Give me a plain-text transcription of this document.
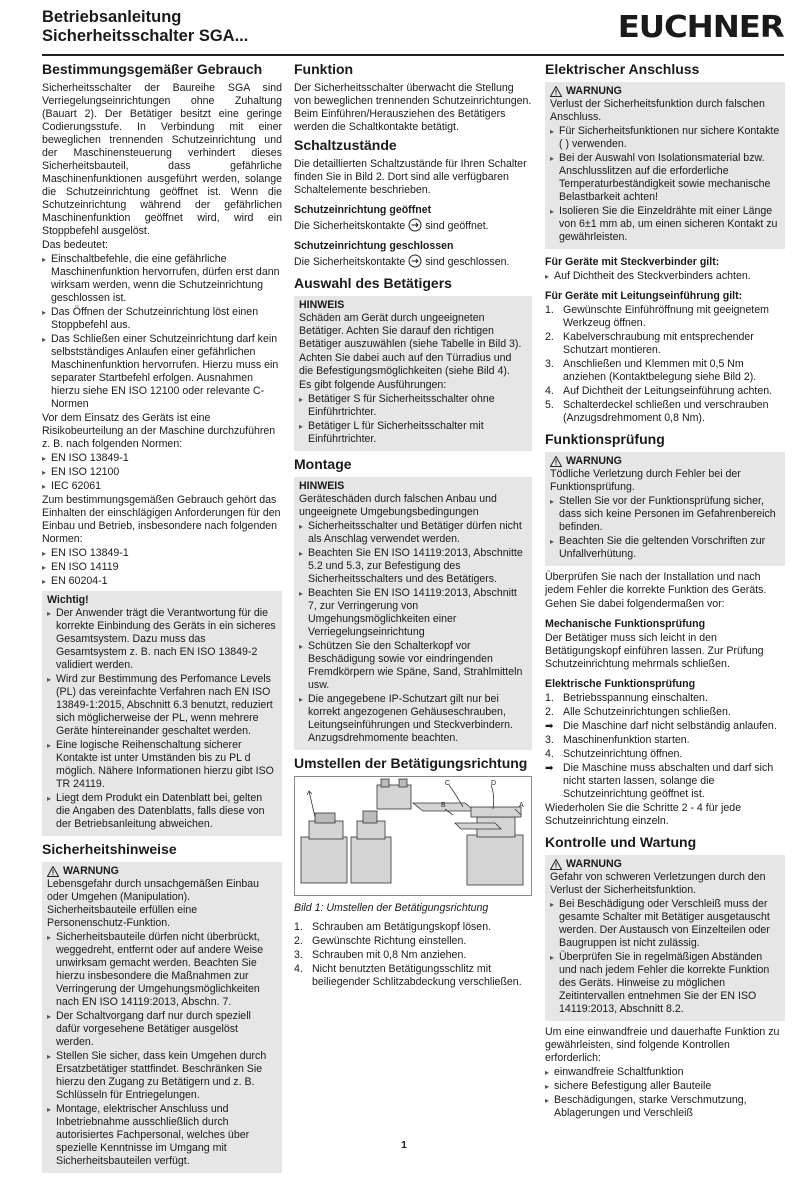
Betriebsanleitung
Sicherheitsschalter SGA...	EUCHNER
Bestimmungsgemäßer Gebrauch

Sicherheitsschalter der Baureihe SGA sind Verriegelungseinrichtungen ohne Zuhaltung (Bauart 2). Der Betätiger besitzt eine geringe Codierungsstufe. In Verbindung mit einer beweglichen trennenden Schutzeinrichtung und der Maschinensteuerung verhindert dieses Sicherheitsbauteil, dass gefährliche Maschinenfunktionen ausgeführt werden, solange die Schutzeinrichtung geöffnet ist. Wenn die Schutzeinrichtung während der gefährlichen Maschinenfunktion geöffnet wird, wird ein Stoppbefehl ausgelöst.

Das bedeutet:

▸ Einschaltbefehle, die eine gefährliche Maschinenfunktion hervorrufen, dürfen erst dann wirksam werden, wenn die Schutzeinrichtung geschlossen ist.
▸ Das Öffnen der Schutzeinrichtung löst einen Stoppbefehl aus.
▸ Das Schließen einer Schutzeinrichtung darf kein selbstständiges Anlaufen einer gefährlichen Maschinenfunktion hervorrufen. Hierzu muss ein separater Startbefehl erfolgen. Ausnahmen hierzu siehe EN ISO 12100 oder relevante C-Normen

Vor dem Einsatz des Geräts ist eine Risikobeurteilung an der Maschine durchzuführen z. B. nach folgenden Normen:

▸ EN ISO 13849-1
▸ EN ISO 12100
▸ IEC 62061

Zum bestimmungsgemäßen Gebrauch gehört das Einhalten der einschlägigen Anforderungen für den Einbau und Betrieb, insbesondere nach folgenden Normen:

▸ EN ISO 13849-1
▸ EN ISO 14119
▸ EN 60204-1
Wichtig!
▸ Der Anwender trägt die Verantwortung für die korrekte Einbindung des Geräts in ein sicheres Gesamtsystem. Dazu muss das Gesamtsystem z. B. nach EN ISO 13849-2 validiert werden.
▸ Wird zur Bestimmung des Perfomance Levels (PL) das vereinfachte Verfahren nach EN ISO 13849-1:2015, Abschnitt 6.3 benutzt, reduziert sich möglicherweise der PL, wenn mehrere Geräte hintereinander geschaltet werden.
▸ Eine logische Reihenschaltung sicherer Kontakte ist unter Umständen bis zu PL d möglich. Nähere Informationen hierzu gibt ISO TR 24119.
▸ Liegt dem Produkt ein Datenblatt bei, gelten die Angaben des Datenblatts, falls diese von der Betriebsanleitung abweichen.
Sicherheitshinweise
WARNUNG

Lebensgefahr durch unsachgemäßen Einbau oder Umgehen (Manipulation). Sicherheitsbauteile erfüllen eine Personenschutz-Funktion.

▸ Sicherheitsbauteile dürfen nicht überbrückt, weggedreht, entfernt oder auf andere Weise unwirksam gemacht werden. Beachten Sie hierzu insbesondere die Maßnahmen zur Verringerung der Umgehungsmöglichkeiten nach EN ISO 14119:2013, Abschn. 7.
▸ Der Schaltvorgang darf nur durch speziell dafür vorgesehene Betätiger ausgelöst werden.
▸ Stellen Sie sicher, dass kein Umgehen durch Ersatzbetätiger stattfindet. Beschränken Sie hierzu den Zugang zu Betätigern und z. B. Schlüsseln für Entriegelungen.
▸ Montage, elektrischer Anschluss und Inbetriebnahme ausschließlich durch autorisiertes Fachpersonal, welches über spezielle Kenntnisse im Umgang mit Sicherheitsbauteilen verfügt.
Funktion

Der Sicherheitsschalter überwacht die Stellung von beweglichen trennenden Schutzeinrichtungen. Beim Einführen/Herausziehen des Betätigers werden die Schaltkontakte betätigt.

Schaltzustände

Die detaillierten Schaltzustände für Ihren Schalter finden Sie in Bild 2. Dort sind alle verfügbaren Schaltelemente beschrieben.

Schutzeinrichtung geöffnet

Die Sicherheitskontakte sind geöffnet.

Schutzeinrichtung geschlossen

Die Sicherheitskontakte sind geschlossen.

Auswahl des Betätigers
HINWEIS

Schäden am Gerät durch ungeeigneten Betätiger. Achten Sie darauf den richtigen Betätiger auszuwählen (siehe Tabelle in Bild 3).

Achten Sie dabei auch auf den Türradius und die Befestigungsmöglichkeiten (siehe Bild 4).

Es gibt folgende Ausführungen:

▸ Betätiger S für Sicherheitsschalter ohne Einführtrichter.
▸ Betätiger L für Sicherheitsschalter mit Einführtrichter.
Montage
HINWEIS

Geräteschäden durch falschen Anbau und ungeeignete Umgebungsbedingungen

▸ Sicherheitsschalter und Betätiger dürfen nicht als Anschlag verwendet werden.
▸ Beachten Sie EN ISO 14119:2013, Abschnitte 5.2 und 5.3, zur Befestigung des Sicherheitsschalters und des Betätigers.
▸ Beachten Sie EN ISO 14119:2013, Abschnitt 7, zur Verringerung von Umgehungsmöglichkeiten einer Verriegelungseinrichtung
▸ Schützen Sie den Schalterkopf vor Beschädigung sowie vor eindringenden Fremdkörpern wie Späne, Sand, Strahlmitteln usw.
▸ Die angegebene IP-Schutzart gilt nur bei korrekt angezogenen Gehäuseschrauben, Leitungseinführungen und Steckverbindern. Anzugsdrehmomente beachten.
Umstellen der Betätigungsrichtung
C	D
B	A
Bild 1: Umstellen der Betätigungsrichtung
1. Schrauben am Betätigungskopf lösen.
2. Gewünschte Richtung einstellen.
3. Schrauben mit 0,8 Nm anziehen.
4. Nicht benutzten Betätigungsschlitz mit beiliegender Schlitzabdeckung verschließen.
Elektrischer Anschluss
WARNUNG

Verlust der Sicherheitsfunktion durch falschen Anschluss.

▸ Für Sicherheitsfunktionen nur sichere Kontakte ( ) verwenden.
▸ Bei der Auswahl von Isolationsmaterial bzw. Anschlusslitzen auf die erforderliche Temperaturbeständigkeit sowie mechanische Belastbarkeit achten!
▸ Isolieren Sie die Einzeldrähte mit einer Länge von 6±1 mm ab, um einen sicheren Kontakt zu gewährleisten.
Für Geräte mit Steckverbinder gilt:
▸ Auf Dichtheit des Steckverbinders achten.
Für Geräte mit Leitungseinführung gilt:
1. Gewünschte Einführöffnung mit geeignetem Werkzeug öffnen.
2. Kabelverschraubung mit entsprechender Schutzart montieren.
3. Anschließen und Klemmen mit 0,5 Nm anziehen (Kontaktbelegung siehe Bild 2).
4. Auf Dichtheit der Leitungseinführung achten.
5. Schalterdeckel schließen und verschrauben (Anzugsdrehmoment 0,8 Nm).
Funktionsprüfung
WARNUNG

Tödliche Verletzung durch Fehler bei der Funktionsprüfung.

▸ Stellen Sie vor der Funktionsprüfung sicher, dass sich keine Personen im Gefahrenbereich befinden.
▸ Beachten Sie die geltenden Vorschriften zur Unfallverhütung.

Überprüfen Sie nach der Installation und nach jedem Fehler die korrekte Funktion des Geräts.

Gehen Sie dabei folgendermaßen vor:

Mechanische Funktionsprüfung

Der Betätiger muss sich leicht in den Betätigungskopf einführen lassen. Zur Prüfung Schutzeinrichtung mehrmals schließen.

Elektrische Funktionsprüfung
1. Betriebsspannung einschalten.
2. Alle Schutzeinrichtungen schließen.
➡ Die Maschine darf nicht selbständig anlaufen.
3. Maschinenfunktion starten.
4. Schutzeinrichtung öffnen.
➡ Die Maschine muss abschalten und darf sich nicht starten lassen, solange die Schutzeinrichtung geöffnet ist.

Wiederholen Sie die Schritte 2 - 4 für jede Schutzeinrichtung einzeln.

Kontrolle und Wartung
WARNUNG

Gefahr von schweren Verletzungen durch den Verlust der Sicherheitsfunktion.

▸ Bei Beschädigung oder Verschleiß muss der gesamte Schalter mit Betätiger ausgetauscht werden. Der Austausch von Einzelteilen oder Baugruppen ist nicht zulässig.
▸ Überprüfen Sie in regelmäßigen Abständen und nach jedem Fehler die korrekte Funktion des Geräts. Hinweise zu möglichen Zeitintervallen entnehmen Sie der EN ISO 14119:2013, Abschnitt 8.2.

Um eine einwandfreie und dauerhafte Funktion zu gewährleisten, sind folgende Kontrollen erforderlich:

▸ einwandfreie Schaltfunktion
▸ sichere Befestigung aller Bauteile
▸ Beschädigungen, starke Verschmutzung, Ablagerungen und Verschleiß
1
